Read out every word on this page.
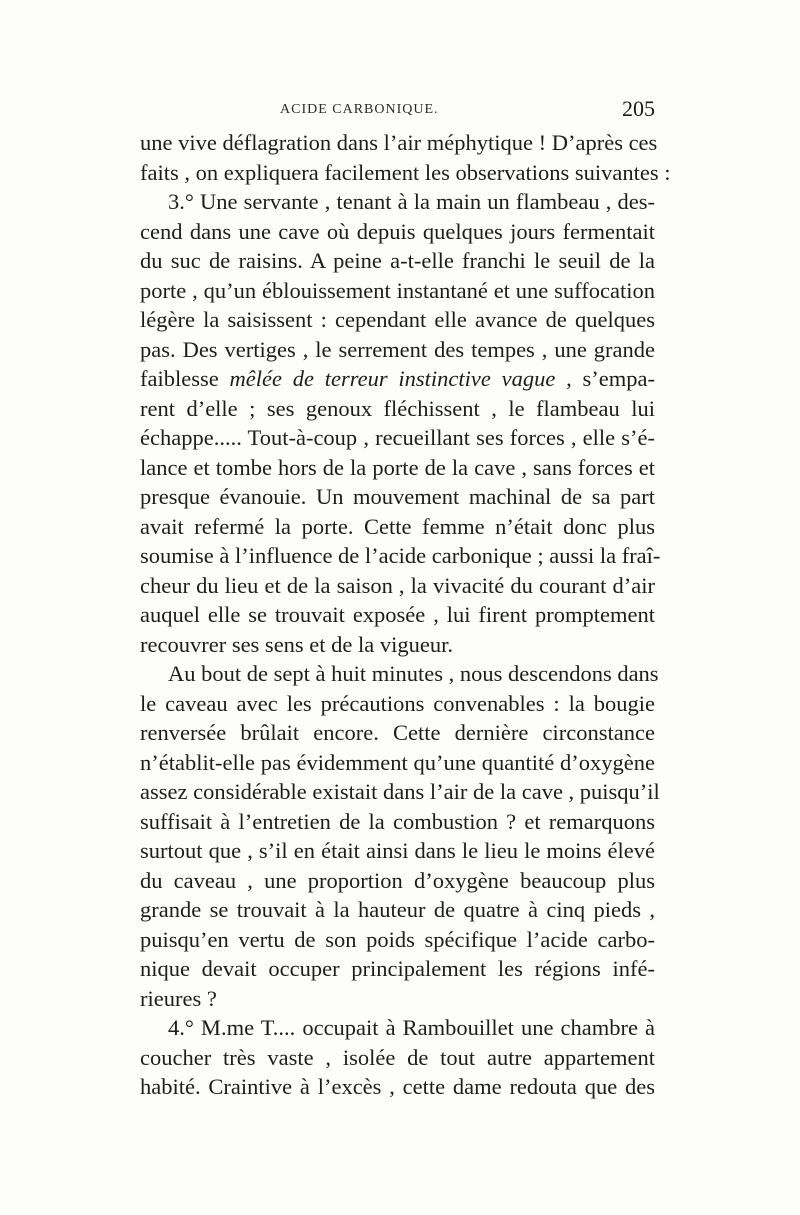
ACIDE CARBONIQUE.	205
une vive déflagration dans l’air méphytique ! D’après ces
faits , on expliquera facilement les observations suivantes :
3.° Une servante , tenant à la main un flambeau , des-
cend dans une cave où depuis quelques jours fermentait
du suc de raisins. A peine a-t-elle franchi le seuil de la
porte , qu’un éblouissement instantané et une suffocation
légère la saisissent : cependant elle avance de quelques
pas. Des vertiges , le serrement des tempes , une grande
faiblesse mêlée de terreur instinctive vague , s’empa-
rent d’elle ; ses genoux fléchissent , le flambeau lui
échappe..... Tout-à-coup , recueillant ses forces , elle s’é-
lance et tombe hors de la porte de la cave , sans forces et
presque évanouie. Un mouvement machinal de sa part
avait refermé la porte. Cette femme n’était donc plus
soumise à l’influence de l’acide carbonique ; aussi la fraî-
cheur du lieu et de la saison , la vivacité du courant d’air
auquel elle se trouvait exposée , lui firent promptement
recouvrer ses sens et de la vigueur.
Au bout de sept à huit minutes , nous descendons dans
le caveau avec les précautions convenables : la bougie
renversée brûlait encore. Cette dernière circonstance
n’établit-elle pas évidemment qu’une quantité d’oxygène
assez considérable existait dans l’air de la cave , puisqu’il
suffisait à l’entretien de la combustion ? et remarquons
surtout que , s’il en était ainsi dans le lieu le moins élevé
du caveau , une proportion d’oxygène beaucoup plus
grande se trouvait à la hauteur de quatre à cinq pieds ,
puisqu’en vertu de son poids spécifique l’acide carbo-
nique devait occuper principalement les régions infé-
rieures ?
4.° M.me T.... occupait à Rambouillet une chambre à
coucher très vaste , isolée de tout autre appartement
habité. Craintive à l’excès , cette dame redouta que des
